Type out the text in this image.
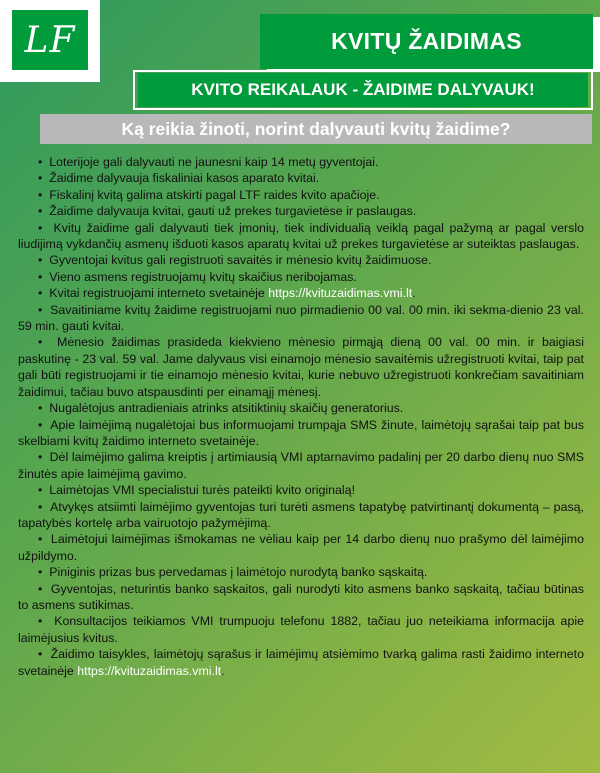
LF	KVITŲ ŽAIDIMAS
KVITO REIKALAUK - ŽAIDIME DALYVAUK!
Ką reikia žinoti, norint dalyvauti kvitų žaidime?

•  Loterijoje gali dalyvauti ne jaunesni kaip 14 metų gyventojai.

•  Žaidime dalyvauja fiskaliniai kasos aparato kvitai.

•  Fiskalinį kvitą galima atskirti pagal LTF raides kvito apačioje.

•  Žaidime dalyvauja kvitai, gauti už prekes turgavietėse ir paslaugas.

•  Kvitų žaidime gali dalyvauti tiek įmonių, tiek individualią veiklą pagal pažymą ar pagal verslo liudijimą vykdančių asmenų išduoti kasos aparatų kvitai už prekes turgavietėse ar suteiktas paslaugas.

•  Gyventojai kvitus gali registruoti savaitės ir mėnesio kvitų žaidimuose.

•  Vieno asmens registruojamų kvitų skaičius neribojamas.

•  Kvitai registruojami interneto svetainėje https://kvituzaidimas.vmi.lt.

•  Savaitiniame kvitų žaidime registruojami nuo pirmadienio 00 val. 00 min. iki sekma-dienio 23 val. 59 min. gauti kvitai.

•  Mėnesio žaidimas prasideda kiekvieno mėnesio pirmąją dieną 00 val. 00 min. ir baigiasi paskutinę - 23 val. 59 val. Jame dalyvaus visi einamojo mėnesio savaitėmis užregistruoti kvitai, taip pat gali būti registruojami ir tie einamojo mėnesio kvitai, kurie nebuvo užregistruoti konkrečiam savaitiniam žaidimui, tačiau buvo atspausdinti per einamąjį mėnesį.

•  Nugalėtojus antradieniais atrinks atsitiktinių skaičių generatorius.

•  Apie laimėjimą nugalėtojai bus informuojami trumpąja SMS žinute, laimėtojų sąrašai taip pat bus skelbiami kvitų žaidimo interneto svetainėje.

•  Dėl laimėjimo galima kreiptis į artimiausią VMI aptarnavimo padalinį per 20 darbo dienų nuo SMS žinutės apie laimėjimą gavimo.

•  Laimėtojas VMI specialistui turės pateikti kvito originalą!

•  Atvykęs atsiimti laimėjimo gyventojas turi turėti asmens tapatybę patvirtinantį dokumentą – pasą, tapatybės kortelę arba vairuotojo pažymėjimą.

•  Laimėtojui laimėjimas išmokamas ne vėliau kaip per 14 darbo dienų nuo prašymo dėl laimėjimo užpildymo.

•  Piniginis prizas bus pervedamas į laimėtojo nurodytą banko sąskaitą.

•  Gyventojas, neturintis banko sąskaitos, gali nurodyti kito asmens banko sąskaitą, tačiau būtinas to asmens sutikimas.

•  Konsultacijos teikiamos VMI trumpuoju telefonu 1882, tačiau juo neteikiama informacija apie laimėjusius kvitus.

•  Žaidimo taisykles, laimėtojų sąrašus ir laimėjimų atsiėmimo tvarką galima rasti žaidimo interneto svetainėje https://kvituzaidimas.vmi.lt.
